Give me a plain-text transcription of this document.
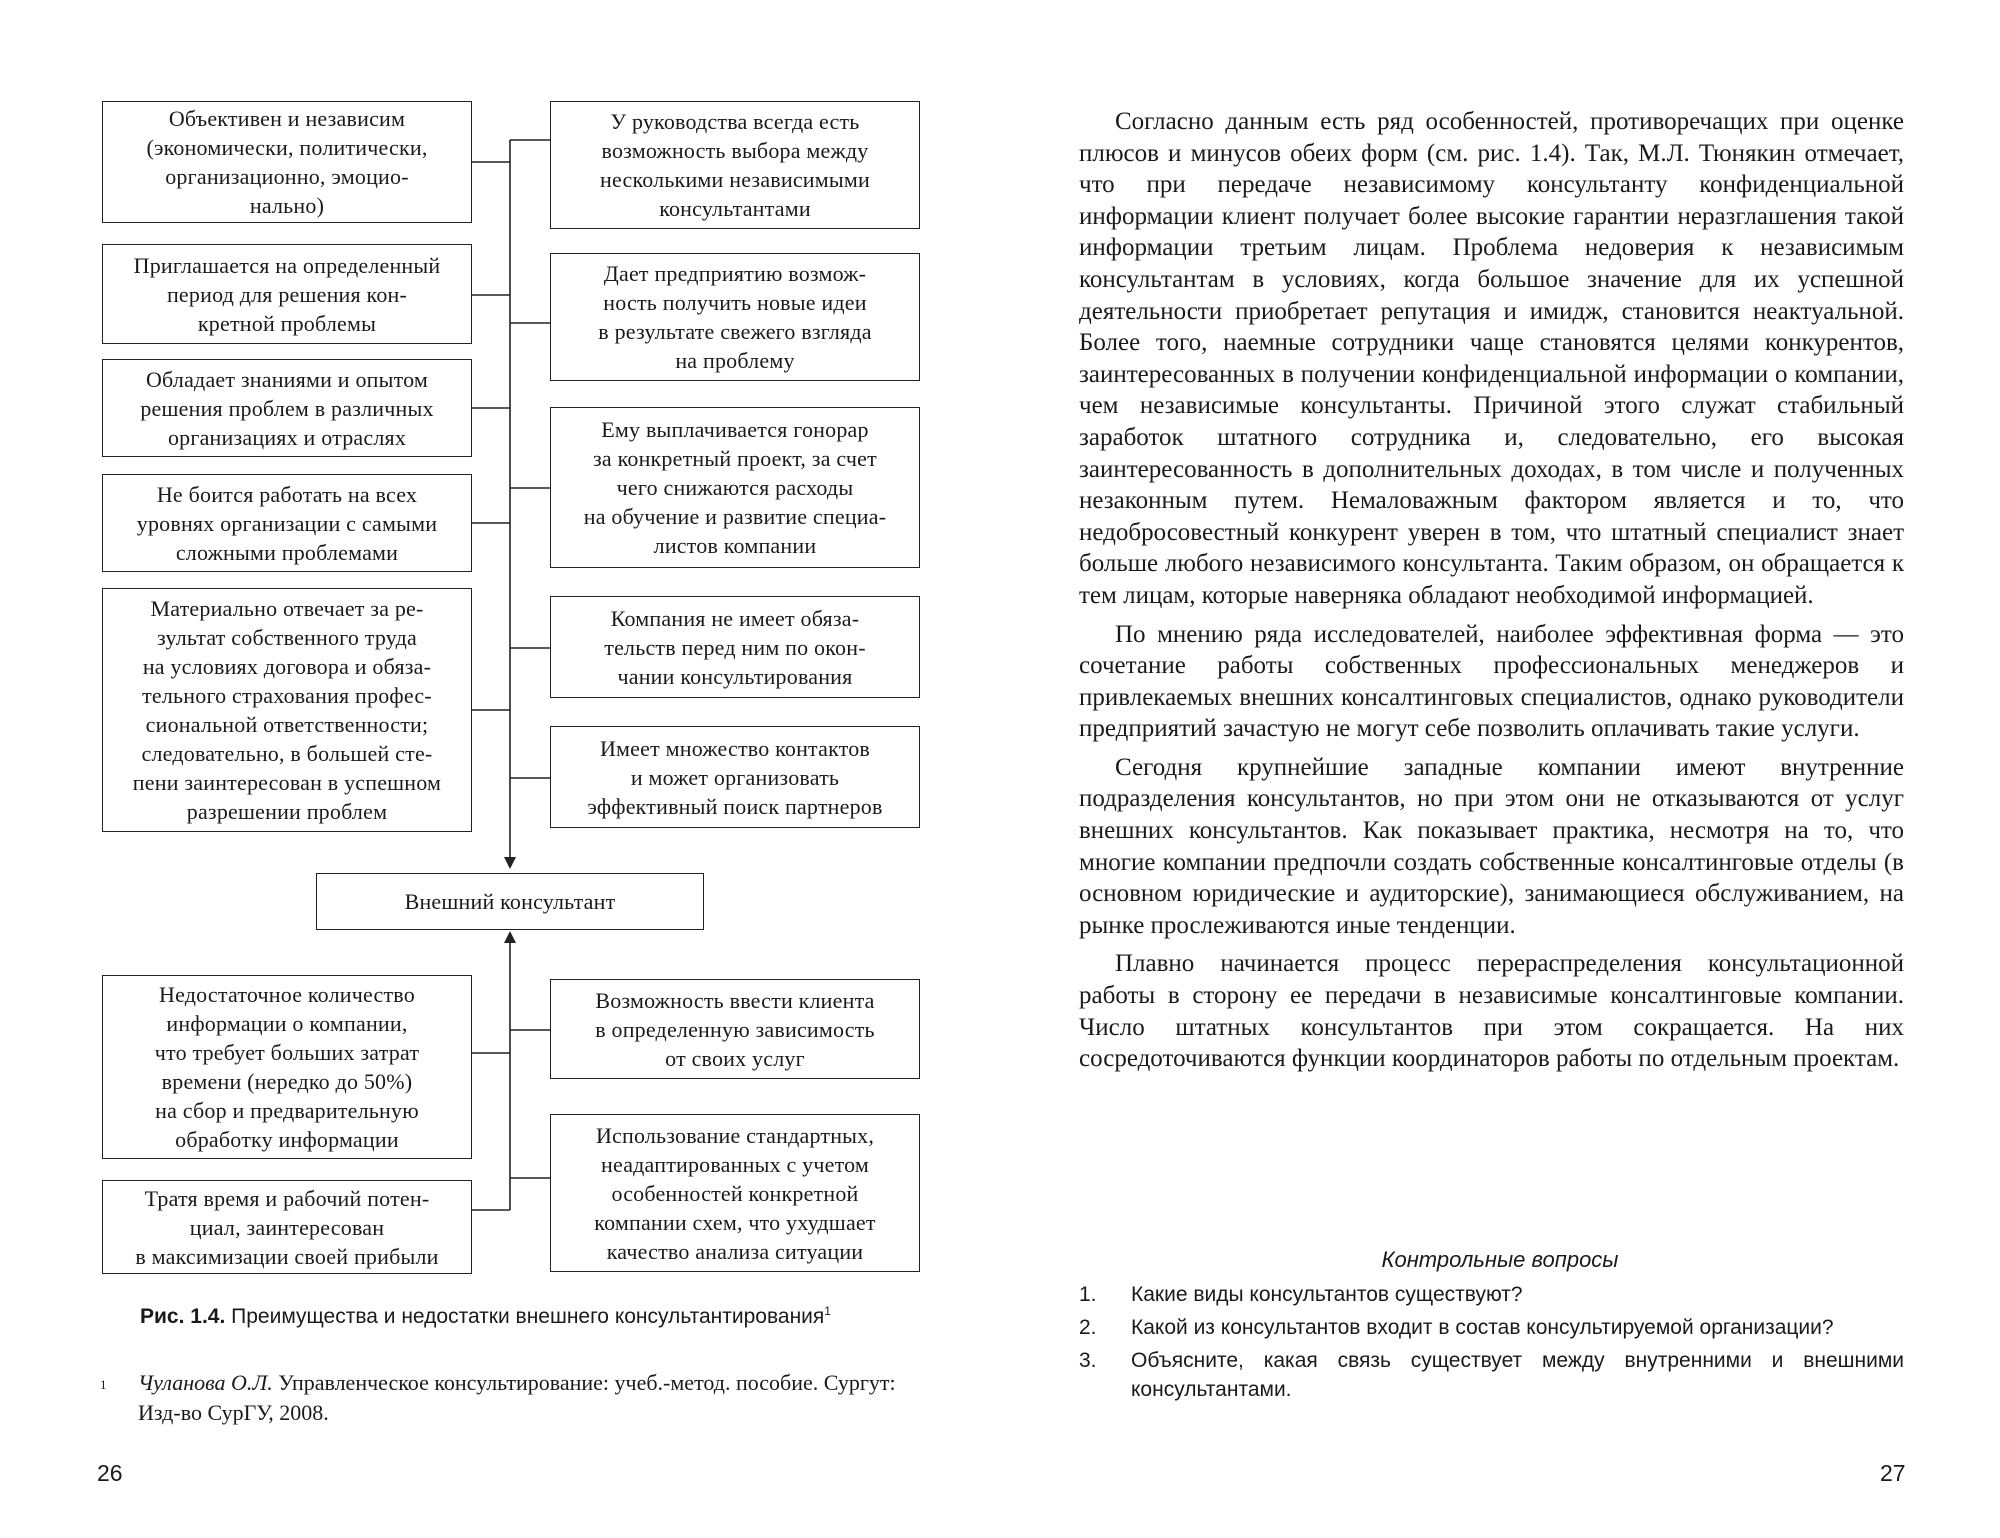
Объективен и независим
(экономически, политически,
организационно, эмоцио-
нально)
Приглашается на определенный
период для решения кон-
кретной проблемы
Обладает знаниями и опытом
решения проблем в различных
организациях и отраслях
Не боится работать на всех
уровнях организации с самыми
сложными проблемами
Материально отвечает за ре-
зультат собственного труда
на условиях договора и обяза-
тельного страхования профес-
сиональной ответственности;
следовательно, в большей сте-
пени заинтересован в успешном
разрешении проблем
У руководства всегда есть
возможность выбора между
несколькими независимыми
консультантами
Дает предприятию возмож-
ность получить новые идеи
в результате свежего взгляда
на проблему
Ему выплачивается гонорар
за конкретный проект, за счет
чего снижаются расходы
на обучение и развитие специа-
листов компании
Компания не имеет обяза-
тельств перед ним по окон-
чании консультирования
Имеет множество контактов
и может организовать
эффективный поиск партнеров
Внешний консультант
Недостаточное количество
информации о компании,
что требует больших затрат
времени (нередко до 50%)
на сбор и предварительную
обработку информации
Тратя время и рабочий потен-
циал, заинтересован
в максимизации своей прибыли
Возможность ввести клиента
в определенную зависимость
от своих услуг
Использование стандартных,
неадаптированных с учетом
особенностей конкретной
компании схем, что ухудшает
качество анализа ситуации
Рис. 1.4. Преимущества и недостатки внешнего консультантирования$^1$
1 Чуланова О.Л. Управленческое консультирование: учеб.-метод. пособие. Сургут: Изд-во СурГУ, 2008.
26

Согласно данным есть ряд особенностей, противоречащих при оценке плюсов и минусов обеих форм (см. рис. 1.4). Так, М.Л. Тюнякин отмечает, что при передаче независимому консультанту конфиденциальной информации клиент получает более высокие гарантии неразглашения такой информации третьим лицам. Проблема недоверия к независимым консультантам в условиях, когда большое значение для их успешной деятельности приобретает репутация и имидж, становится неактуальной. Более того, наемные сотрудники чаще становятся целями конкурентов, заинтересованных в получении конфиденциальной информации о компании, чем независимые консультанты. Причиной этого служат стабильный заработок штатного сотрудника и, следовательно, его высокая заинтересованность в дополнительных доходах, в том числе и полученных незаконным путем. Немаловажным фактором является и то, что недобросовестный конкурент уверен в том, что штатный специалист знает больше любого независимого консультанта. Таким образом, он обращается к тем лицам, которые наверняка обладают необходимой информацией.

По мнению ряда исследователей, наиболее эффективная форма — это сочетание работы собственных профессиональных менеджеров и привлекаемых внешних консалтинговых специалистов, однако руководители предприятий зачастую не могут себе позволить оплачивать такие услуги.

Сегодня крупнейшие западные компании имеют внутренние подразделения консультантов, но при этом они не отказываются от услуг внешних консультантов. Как показывает практика, несмотря на то, что многие компании предпочли создать собственные консалтинговые отделы (в основном юридические и аудиторские), занимающиеся обслуживанием, на рынке прослеживаются иные тенденции.

Плавно начинается процесс перераспределения консультационной работы в сторону ее передачи в независимые консалтинговые компании. Число штатных консультантов при этом сокращается. На них сосредоточиваются функции координаторов работы по отдельным проектам.

Контрольные вопросы
1. Какие виды консультантов существуют?
2. Какой из консультантов входит в состав консультируемой организации?
3. Объясните, какая связь существует между внутренними и внешними консультантами.
27
